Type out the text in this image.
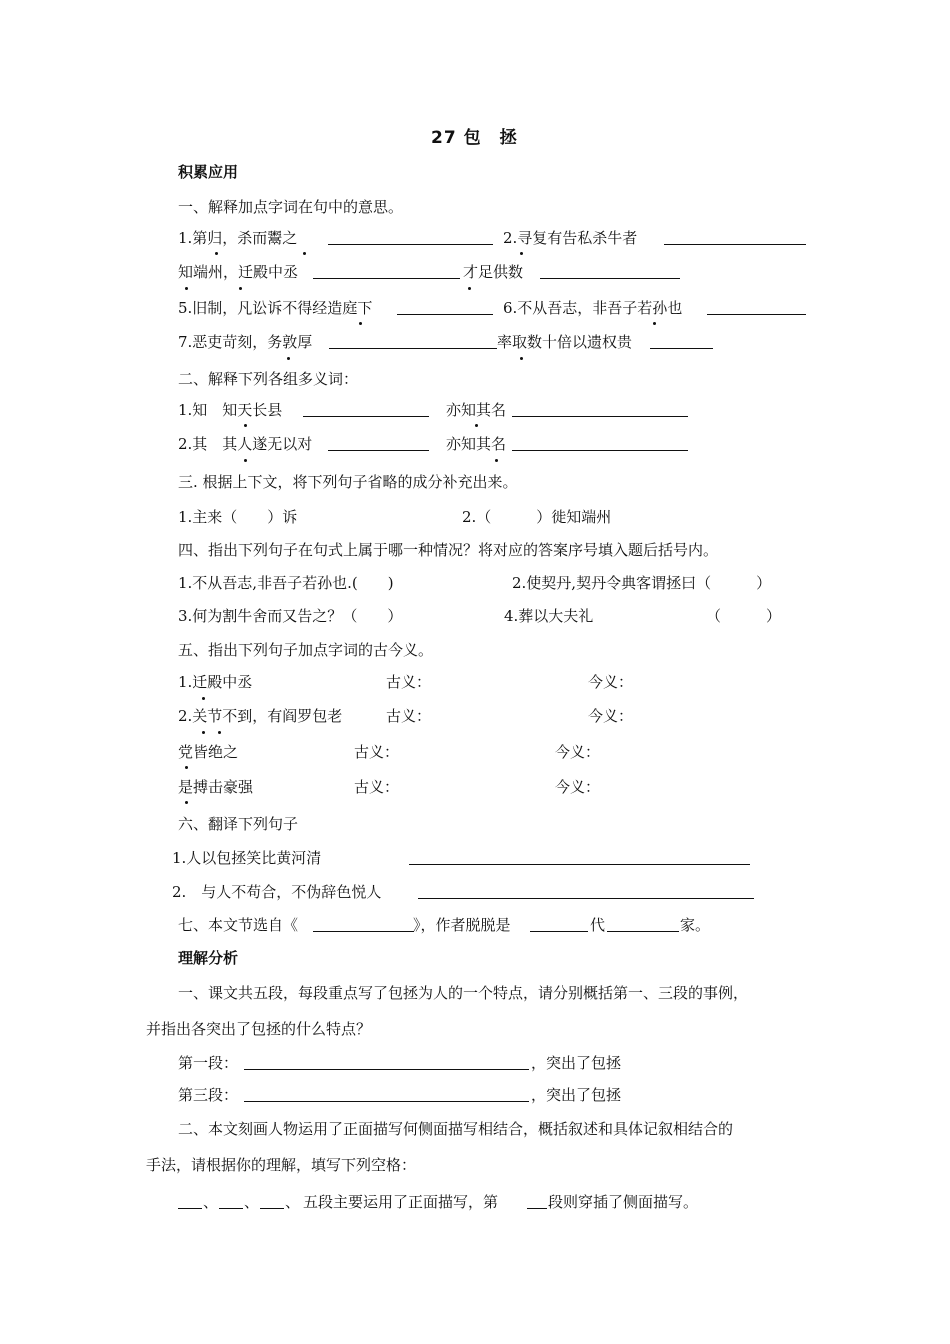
27 包　拯
积累应用
一、解释加点字词在句中的意思。
1.第归，杀而鬻之	2.寻复有告私杀牛者
知端州，迁殿中丞	才足供数
5.旧制，凡讼诉不得经造庭下	6.不从吾志，非吾子若孙也
7.恶吏苛刻，务敦厚	率取数十倍以遗权贵
二、解释下列各组多义词：
1.知　知天长县	亦知其名
2.其　其人遂无以对	亦知其名
三. 根据上下文，将下列句子省略的成分补充出来。
1.主来（　　）诉	2.（　　　）徙知端州
四、指出下列句子在句式上属于哪一种情况？将对应的答案序号填入题后括号内。
1.不从吾志,非吾子若孙也.(　　)	2.使契丹,契丹令典客谓拯曰（　　　）
3.何为割牛舍而又告之？（　　）	4.葬以大夫礼	（　　　）
五、指出下列句子加点字词的古今义。
1.迁殿中丞	古义：	今义：
2.关节不到，有阎罗包老	古义：	今义：
党皆绝之	古义：	今义：
是搏击豪强	古义：	今义：
六、翻译下列句子
1.人以包拯笑比黄河清
2.　与人不苟合，不伪辞色悦人
七、本文节选自《	》，作者脱脱是	代	家。
理解分析
一、课文共五段，每段重点写了包拯为人的一个特点，请分别概括第一、三段的事例，
并指出各突出了包拯的什么特点？
第一段：	，突出了包拯
第三段：	，突出了包拯
二、本文刻画人物运用了正面描写何侧面描写相结合，概括叙述和具体记叙相结合的
手法，请根据你的理解，填写下列空格：
、 、 、 五段主要运用了正面描写，第	段则穿插了侧面描写。
